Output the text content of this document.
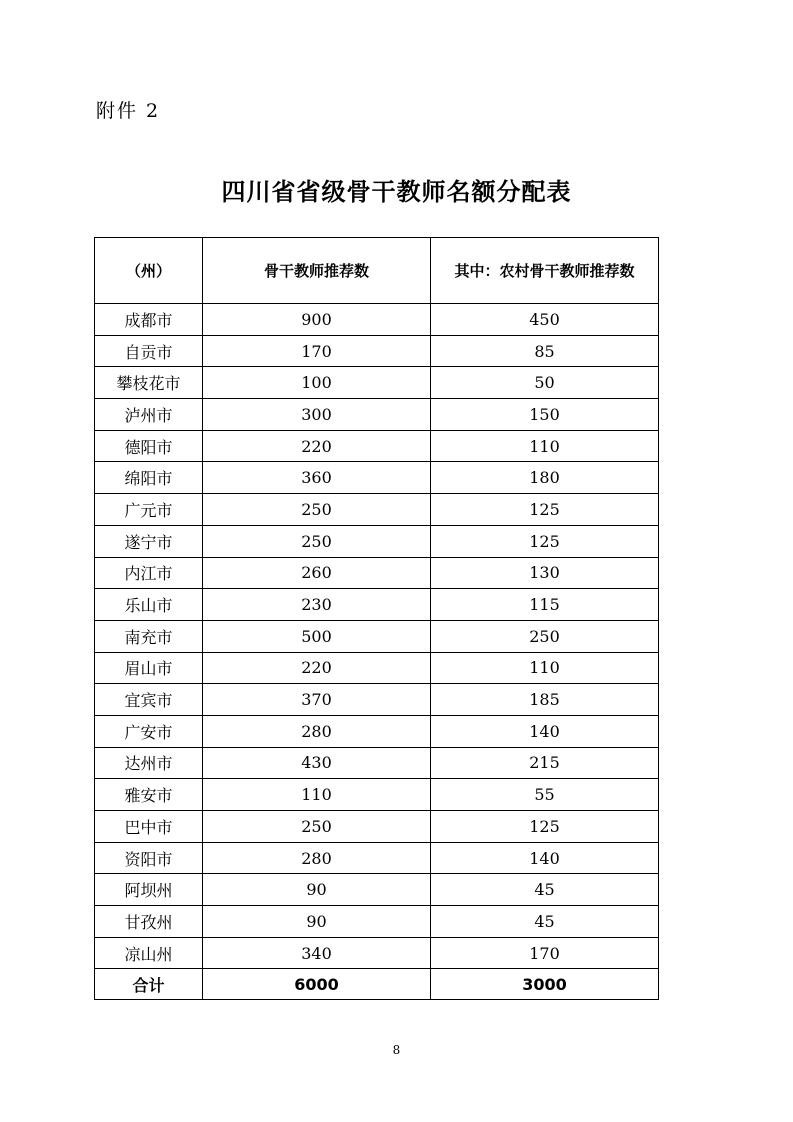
附件 2
四川省省级骨干教师名额分配表
（州）	骨干教师推荐数	其中：农村骨干教师推荐数
成都市	900	450
自贡市	170	85
攀枝花市	100	50
泸州市	300	150
德阳市	220	110
绵阳市	360	180
广元市	250	125
遂宁市	250	125
内江市	260	130
乐山市	230	115
南充市	500	250
眉山市	220	110
宜宾市	370	185
广安市	280	140
达州市	430	215
雅安市	110	55
巴中市	250	125
资阳市	280	140
阿坝州	90	45
甘孜州	90	45
凉山州	340	170
合计	6000	3000
8
